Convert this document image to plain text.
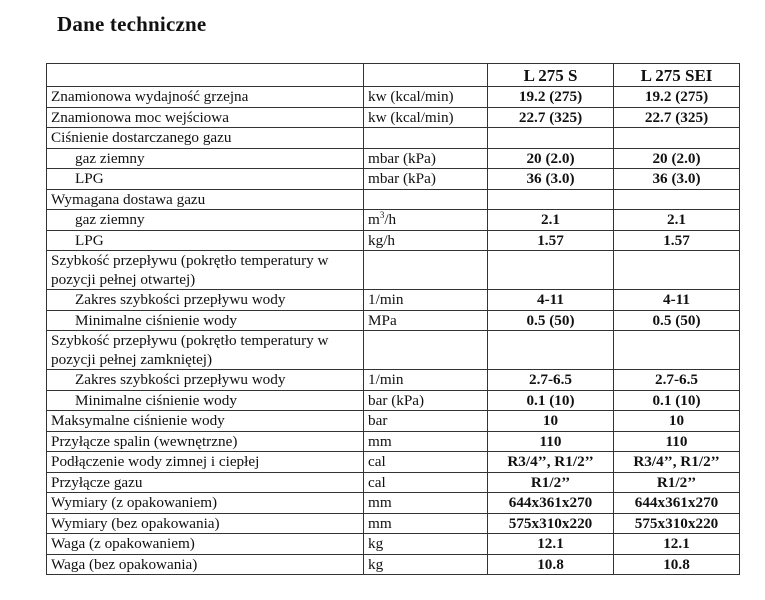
Dane techniczne
		L 275 S	L 275 SEI
Znamionowa wydajność grzejna	kw (kcal/min)	19.2 (275)	19.2 (275)
Znamionowa moc wejściowa	kw (kcal/min)	22.7 (325)	22.7 (325)
Ciśnienie dostarczanego gazu			
gaz ziemny	mbar (kPa)	20 (2.0)	20 (2.0)
LPG	mbar (kPa)	36 (3.0)	36 (3.0)
Wymagana dostawa gazu			
gaz ziemny	$m^3/h$	2.1	2.1
LPG	kg/h	1.57	1.57
Szybkość przepływu (pokrętło temperatury w pozycji pełnej otwartej)			
Zakres szybkości przepływu wody	1/min	4-11	4-11
Minimalne ciśnienie wody	MPa	0.5 (50)	0.5 (50)
Szybkość przepływu (pokrętło temperatury w pozycji pełnej zamkniętej)			
Zakres szybkości przepływu wody	1/min	2.7-6.5	2.7-6.5
Minimalne ciśnienie wody	bar (kPa)	0.1 (10)	0.1 (10)
Maksymalne ciśnienie wody	bar	10	10
Przyłącze spalin (wewnętrzne)	mm	110	110
Podłączenie wody zimnej i ciepłej	cal	R3/4’’, R1/2’’	R3/4’’, R1/2’’
Przyłącze gazu	cal	R1/2’’	R1/2’’
Wymiary (z opakowaniem)	mm	644x361x270	644x361x270
Wymiary (bez opakowania)	mm	575x310x220	575x310x220
Waga (z opakowaniem)	kg	12.1	12.1
Waga (bez opakowania)	kg	10.8	10.8
